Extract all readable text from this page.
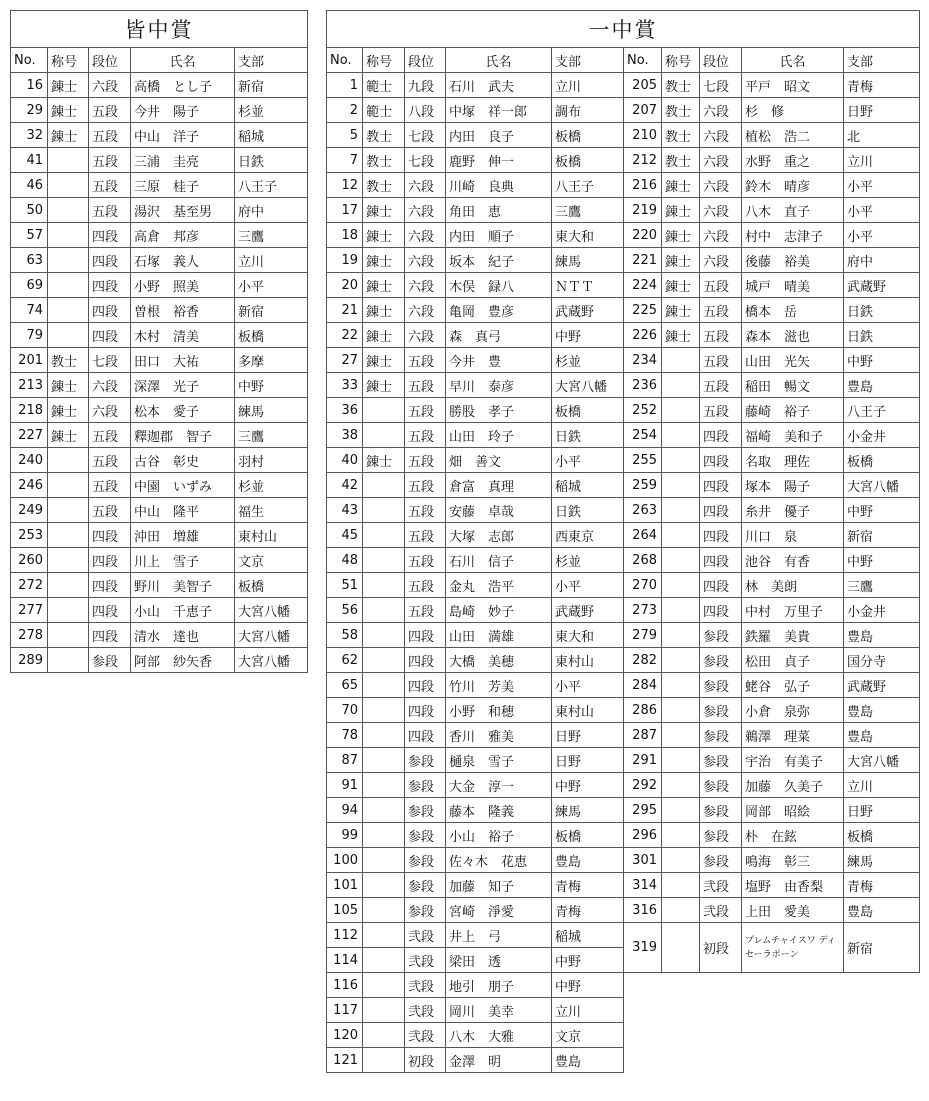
皆中賞				
No.	称号	段位	氏名	支部
16	錬士	六段	高橋　とし子	新宿
29	錬士	五段	今井　陽子	杉並
32	錬士	五段	中山　洋子	稲城
41		五段	三浦　圭亮	日鉄
46		五段	三原　桂子	八王子
50		五段	湯沢　基至男	府中
57		四段	高倉　邦彦	三鷹
63		四段	石塚　義人	立川
69		四段	小野　照美	小平
74		四段	曽根　裕香	新宿
79		四段	木村　清美	板橋
201	教士	七段	田口　大祐	多摩
213	錬士	六段	深澤　光子	中野
218	錬士	六段	松本　愛子	練馬
227	錬士	五段	釋迦郡　智子	三鷹
240		五段	古谷　彰史	羽村
246		五段	中園　いずみ	杉並
249		五段	中山　隆平	福生
253		四段	沖田　増雄	東村山
260		四段	川上　雪子	文京
272		四段	野川　美智子	板橋
277		四段	小山　千恵子	大宮八幡
278		四段	清水　達也	大宮八幡
289		参段	阿部　紗矢香	大宮八幡
一中賞									
No.	称号	段位	氏名	支部	No.	称号	段位	氏名	支部
1	範士	九段	石川　武夫	立川	205	教士	七段	平戸　昭文	青梅
2	範士	八段	中塚　祥一郎	調布	207	教士	六段	杉　修	日野
5	教士	七段	内田　良子	板橋	210	教士	六段	植松　浩二	北
7	教士	七段	鹿野　伸一	板橋	212	教士	六段	水野　重之	立川
12	教士	六段	川崎　良典	八王子	216	錬士	六段	鈴木　晴彦	小平
17	錬士	六段	角田　恵	三鷹	219	錬士	六段	八木　直子	小平
18	錬士	六段	内田　順子	東大和	220	錬士	六段	村中　志津子	小平
19	錬士	六段	坂本　紀子	練馬	221	錬士	六段	後藤　裕美	府中
20	錬士	六段	木俣　録八	ＮＴＴ	224	錬士	五段	城戸　晴美	武蔵野
21	錬士	六段	亀岡　豊彦	武蔵野	225	錬士	五段	橋本　岳	日鉄
22	錬士	六段	森　真弓	中野	226	錬士	五段	森本　滋也	日鉄
27	錬士	五段	今井　豊	杉並	234		五段	山田　光矢	中野
33	錬士	五段	早川　泰彦	大宮八幡	236		五段	稲田　暢文	豊島
36		五段	勝股　孝子	板橋	252		五段	藤崎　裕子	八王子
38		五段	山田　玲子	日鉄	254		四段	福崎　美和子	小金井
40	錬士	五段	畑　善文	小平	255		四段	名取　理佐	板橋
42		五段	倉富　真理	稲城	259		四段	塚本　陽子	大宮八幡
43		五段	安藤　卓哉	日鉄	263		四段	糸井　優子	中野
45		五段	大塚　志郎	西東京	264		四段	川口　泉	新宿
48		五段	石川　信子	杉並	268		四段	池谷　有香	中野
51		五段	金丸　浩平	小平	270		四段	林　美朗	三鷹
56		五段	島崎　妙子	武蔵野	273		四段	中村　万里子	小金井
58		四段	山田　満雄	東大和	279		参段	鉄羅　美貴	豊島
62		四段	大橋　美穂	東村山	282		参段	松田　貞子	国分寺
65		四段	竹川　芳美	小平	284		参段	蛯谷　弘子	武蔵野
70		四段	小野　和穂	東村山	286		参段	小倉　泉弥	豊島
78		四段	香川　雅美	日野	287		参段	鵜澤　理菜	豊島
87		参段	樋泉　雪子	日野	291		参段	宇治　有美子	大宮八幡
91		参段	大金　淳一	中野	292		参段	加藤　久美子	立川
94		参段	藤本　隆義	練馬	295		参段	岡部　昭絵	日野
99		参段	小山　裕子	板橋	296		参段	朴　在鉉	板橋
100		参段	佐々木　花恵	豊島	301		参段	鳴海　彰三	練馬
101		参段	加藤　知子	青梅	314		弐段	塩野　由香梨	青梅
105		参段	宮崎　淨愛	青梅	316		弐段	上田　愛美	豊島
112		弐段	井上　弓	稲城	319		初段	プレムチャイスワ ディ　セーラポーン	新宿
114		弐段	梁田　透	中野					
116		弐段	地引　朋子	中野					
117		弐段	岡川　美幸	立川					
120		弐段	八木　大雅	文京					
121		初段	金澤　明	豊島					
